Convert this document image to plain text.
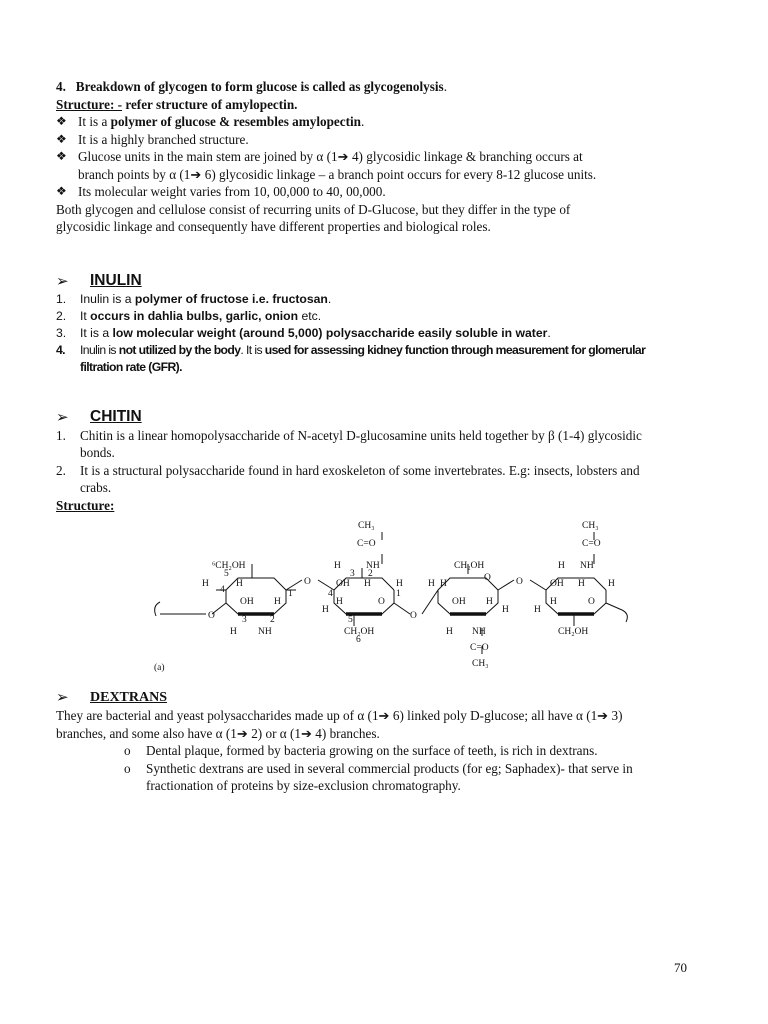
4. Breakdown of glycogen to form glucose is called as glycogenolysis.

Structure: - refer structure of amylopectin.

❖ It is a polymer of glucose & resembles amylopectin.
❖ It is a highly branched structure.
❖ Glucose units in the main stem are joined by α (1➔ 4) glycosidic linkage & branching occurs at
branch points by α (1➔ 6) glycosidic linkage – a branch point occurs for every 8-12 glucose units.
❖ Its molecular weight varies from 10, 00,000 to 40, 00,000.

Both glycogen and cellulose consist of recurring units of D-Glucose, but they differ in the type of
glycosidic linkage and consequently have different properties and biological roles.

➢	INULIN
1.	Inulin is a polymer of fructose i.e. fructosan.
2.	It occurs in dahlia bulbs, garlic, onion etc.
3.	It is a low molecular weight (around 5,000) polysaccharide easily soluble in water.
4.	Inulin is not utilized by the body. It is used for assessing kidney function through measurement for glomerular
filtration rate (GFR).
➢	CHITIN
1.	Chitin is a linear homopolysaccharide of N-acetyl D-glucosamine units held together by β (1-4) glycosidic
bonds.
2.	It is a structural polysaccharide found in hard exoskeleton of some invertebrates. E.g: insects, lobsters and
crabs.

Structure:

CH₃
C=O
⁶CH₂OH	H	NH	CH₂OH
O	O	O
O
O
O
O
H
H
OH H
H NH
OH H	H
H
H
CH₂OH
H
H
OH H
H
H NH
C=O
CH₃
H NH
C=O
CH₃
OH H H
H
H
CH₂OH
(a)
5
4	1
3 2
2
3
4	1
5
6
➢	DEXTRANS

They are bacterial and yeast polysaccharides made up of α (1➔ 6) linked poly D-glucose; all have α (1➔ 3)
branches, and some also have α (1➔ 2) or α (1➔ 4) branches.

o	Dental plaque, formed by bacteria growing on the surface of teeth, is rich in dextrans.
o	Synthetic dextrans are used in several commercial products (for eg; Saphadex)- that serve in
fractionation of proteins by size-exclusion chromatography.
70
